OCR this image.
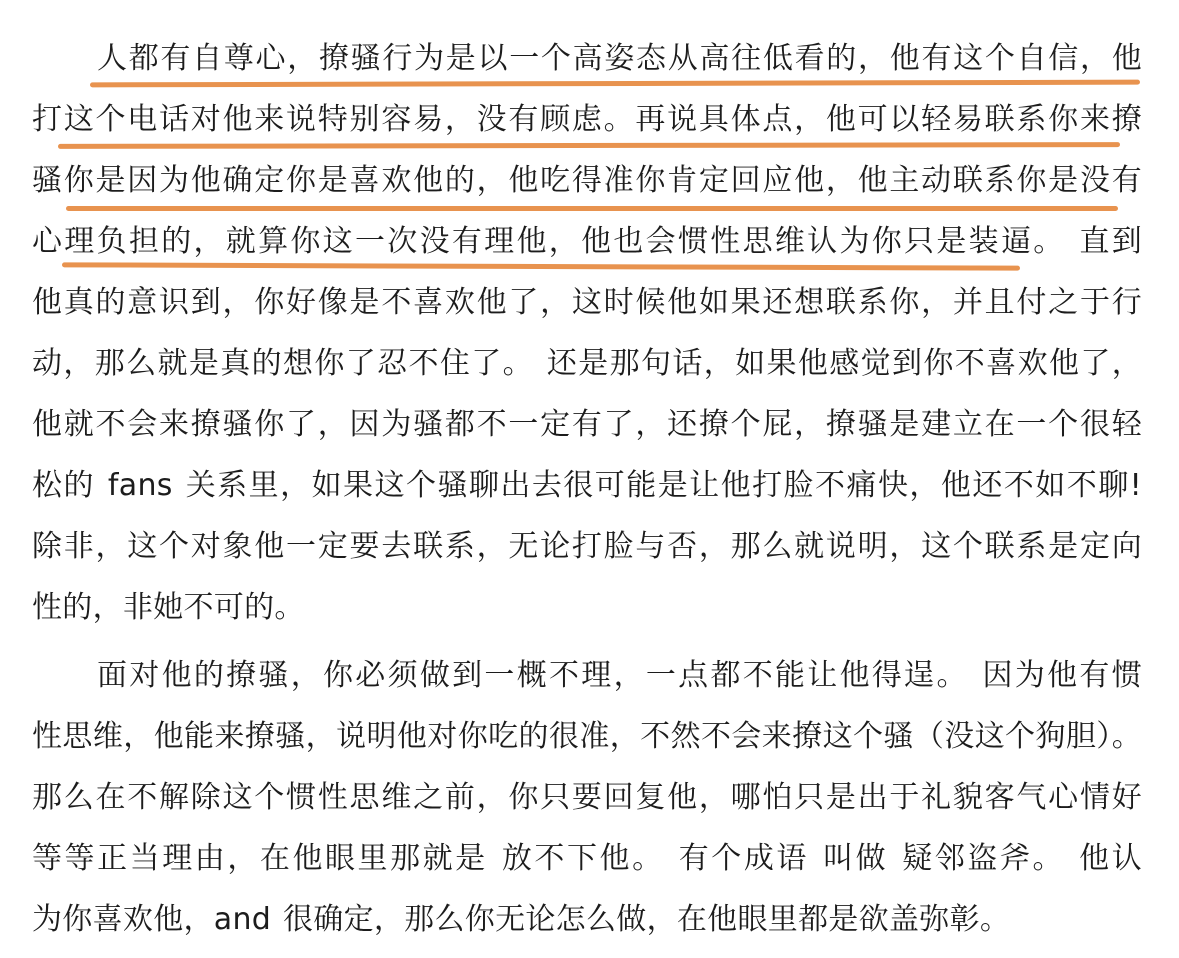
人都有自尊心，撩骚行为是以一个高姿态从高往低看的，他有这个自信，他
打这个电话对他来说特别容易，没有顾虑。再说具体点，他可以轻易联系你来撩
骚你是因为他确定你是喜欢他的，他吃得准你肯定回应他，他主动联系你是没有
心理负担的，就算你这一次没有理他，他也会惯性思维认为你只是装逼。 直到
他真的意识到，你好像是不喜欢他了，这时候他如果还想联系你，并且付之于行
动，那么就是真的想你了忍不住了。 还是那句话，如果他感觉到你不喜欢他了，
他就不会来撩骚你了，因为骚都不一定有了，还撩个屁，撩骚是建立在一个很轻
松的 fans 关系里，如果这个骚聊出去很可能是让他打脸不痛快，他还不如不聊!
除非，这个对象他一定要去联系，无论打脸与否，那么就说明，这个联系是定向
性的，非她不可的。
面对他的撩骚，你必须做到一概不理，一点都不能让他得逞。 因为他有惯
性思维，他能来撩骚，说明他对你吃的很准，不然不会来撩这个骚（没这个狗胆）。
那么在不解除这个惯性思维之前，你只要回复他，哪怕只是出于礼貌客气心情好
等等正当理由，在他眼里那就是 放不下他。 有个成语 叫做 疑邻盗斧。 他认
为你喜欢他，and 很确定，那么你无论怎么做，在他眼里都是欲盖弥彰。
